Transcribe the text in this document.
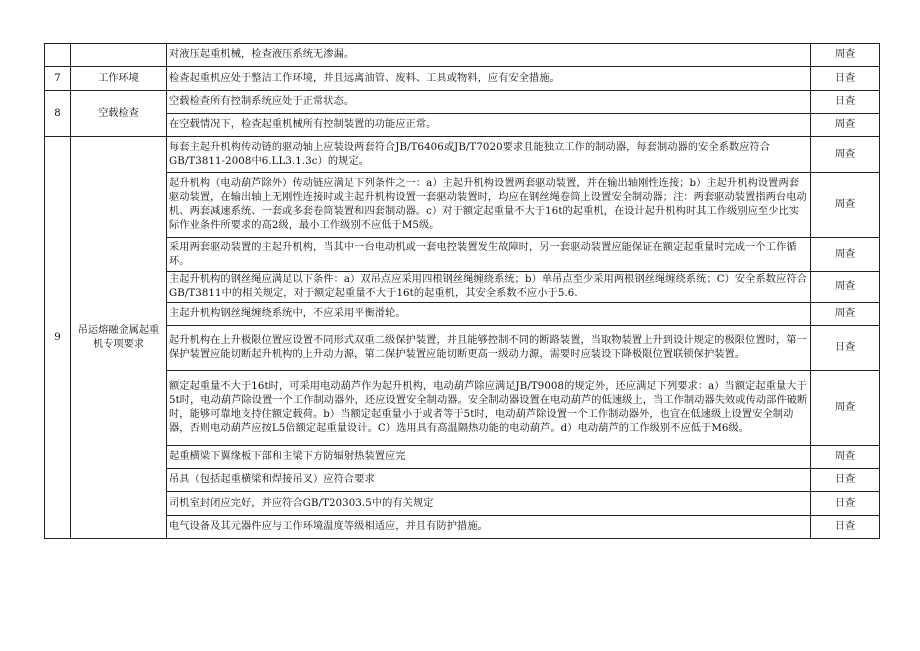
		对液压起重机械，检查液压系统无渗漏。	周查
7	工作环境	检查起重机应处于整洁工作环境，并且远离油管、废料、工具或物料，应有安全措施。	日查
8	空载检查	空载检查所有控制系统应处于正常状态。	日查
		在空载情况下，检查起重机械所有控制装置的功能应正常。	周查
9	吊运熔融金属起重机专项要求	每套主起升机构传动链的驱动轴上应装设两套符合JB/T6406或JB/T7020要求且能独立工作的制动器，每套制动器的安全系数应符合GB/T3811-2008中6.LL3.1.3c）的规定。	周查
		起升机构（电动葫芦除外）传动链应满足下列条件之一：a）主起升机构设置两套驱动装置，并在输出轴刚性连接；b）主起升机构设置两套驱动装置，在输出轴上无刚性连接时或主起升机构设置一套驱动装置时，均应在钢丝绳卷筒上设置安全制动器；注：两套驱动装置指两台电动机、两套减速系统、一套或多套卷筒装置和四套制动器。c）对于额定起重量不大于16t的起重机，在设计起升机构时其工作级别应至少比实际作业条件所要求的高2级，最小工作级别不应低于M5级。	周查
		采用两套驱动装置的主起升机构，当其中一台电动机或一套电控装置发生故障时，另一套驱动装置应能保证在额定起重量时完成一个工作循环。	周查
		主起升机构的钢丝绳应满足以下条件：a）双吊点应采用四根钢丝绳缠绕系统；b）单吊点至少采用两根钢丝绳缠绕系统；C）安全系数应符合GB/T3811中的相关规定，对于额定起重量不大于16t的起重机，其安全系数不应小于5.6.	周查
		主起升机构钢丝绳缠绕系统中，不应采用平衡滑轮。	周查
		起升机构在上升极限位置应设置不同形式双重二级保护装置，并且能够控制不同的断路装置，当取物装置上升到设计规定的极限位置时，第一保护装置应能切断起升机构的上升动力源，第二保护装置应能切断更高一级动力源，需要时应装设下降极限位置联锁保护装置。	日查
		额定起重量不大于16t时，可采用电动葫芦作为起升机构，电动葫芦除应满足JB/T9008的规定外，还应满足下列要求：a）当额定起重量大于5t时，电动葫芦除设置一个工作制动器外，还应设置安全制动器。安全制动器设置在电动葫芦的低速级上，当工作制动器失效或传动部件破断时，能够可靠地支持住额定载荷。b）当额定起重量小于或者等于5t时，电动葫芦除设置一个工作制动器外，也宜在低速级上设置安全制动器，否则电动葫芦应按L5倍额定起重量设计。C）选用具有高温隔热功能的电动葫芦。d）电动葫芦的工作级别不应低于M6级。	周查
		起重横梁下翼缘板下部和主梁下方防辐射热装置应完	周查
		吊具（包括起重横梁和焊接吊叉）应符合要求	日查
		司机室封闭应完好，并应符合GB/T20303.5中的有关规定	日查
		电气设备及其元器件应与工作环境温度等级相适应，并且有防护措施。	日查
